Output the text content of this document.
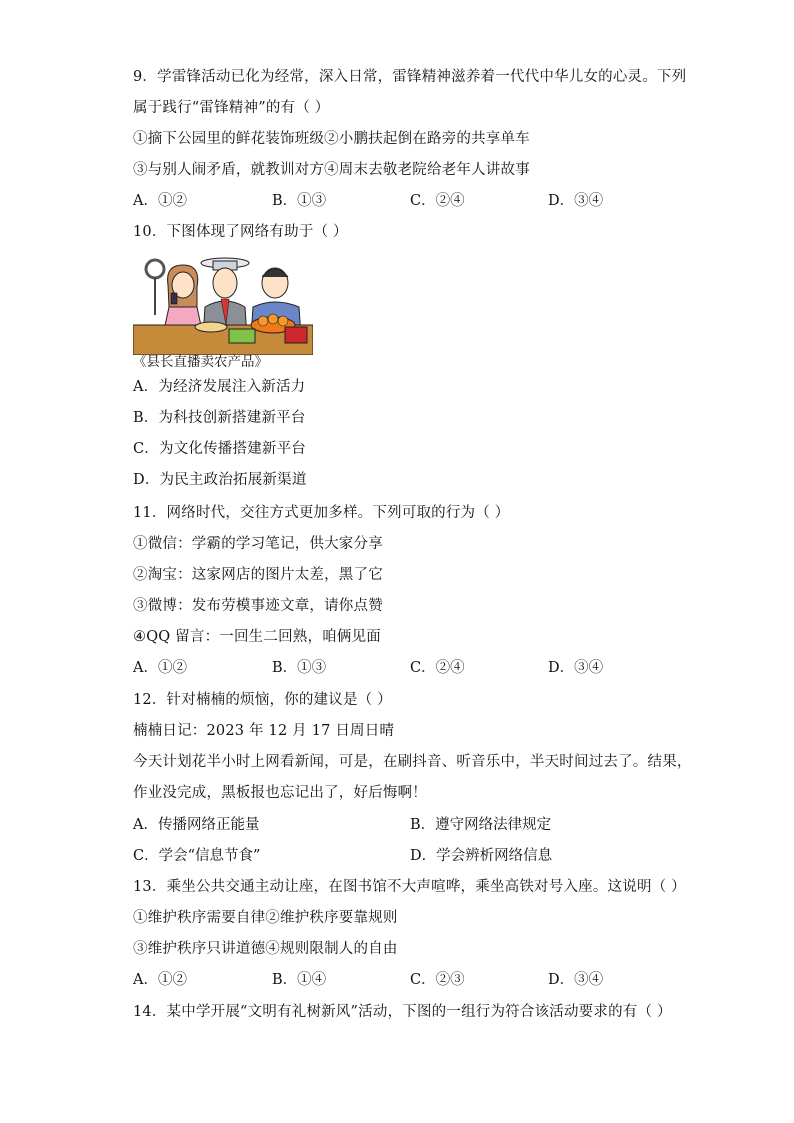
9．学雷锋活动已化为经常，深入日常，雷锋精神滋养着一代代中华儿女的心灵。下列
属于践行“雷锋精神”的有（ ）
①摘下公园里的鲜花装饰班级②小鹏扶起倒在路旁的共享单车
③与别人闹矛盾，就教训对方④周末去敬老院给老年人讲故事
A．①②	B．①③	C．②④	D．③④
10．下图体现了网络有助于（ ）
《县长直播卖农产品》
A．为经济发展注入新活力
B．为科技创新搭建新平台
C．为文化传播搭建新平台
D．为民主政治拓展新渠道
11．网络时代，交往方式更加多样。下列可取的行为（ ）
①微信：学霸的学习笔记，供大家分享
②淘宝：这家网店的图片太差，黑了它
③微博：发布劳模事迹文章，请你点赞
④QQ 留言：一回生二回熟，咱俩见面
A．①②	B．①③	C．②④	D．③④
12．针对楠楠的烦恼，你的建议是（ ）
楠楠日记：2023 年 12 月 17 日周日晴
今天计划花半小时上网看新闻，可是，在刷抖音、听音乐中，半天时间过去了。结果，
作业没完成，黑板报也忘记出了，好后悔啊！
A．传播网络正能量	B．遵守网络法律规定
C．学会“信息节食”	D．学会辨析网络信息
13．乘坐公共交通主动让座，在图书馆不大声喧哗，乘坐高铁对号入座。这说明（ ）
①维护秩序需要自律②维护秩序要靠规则
③维护秩序只讲道德④规则限制人的自由
A．①②	B．①④	C．②③	D．③④
14．某中学开展“文明有礼树新风”活动，下图的一组行为符合该活动要求的有（ ）
